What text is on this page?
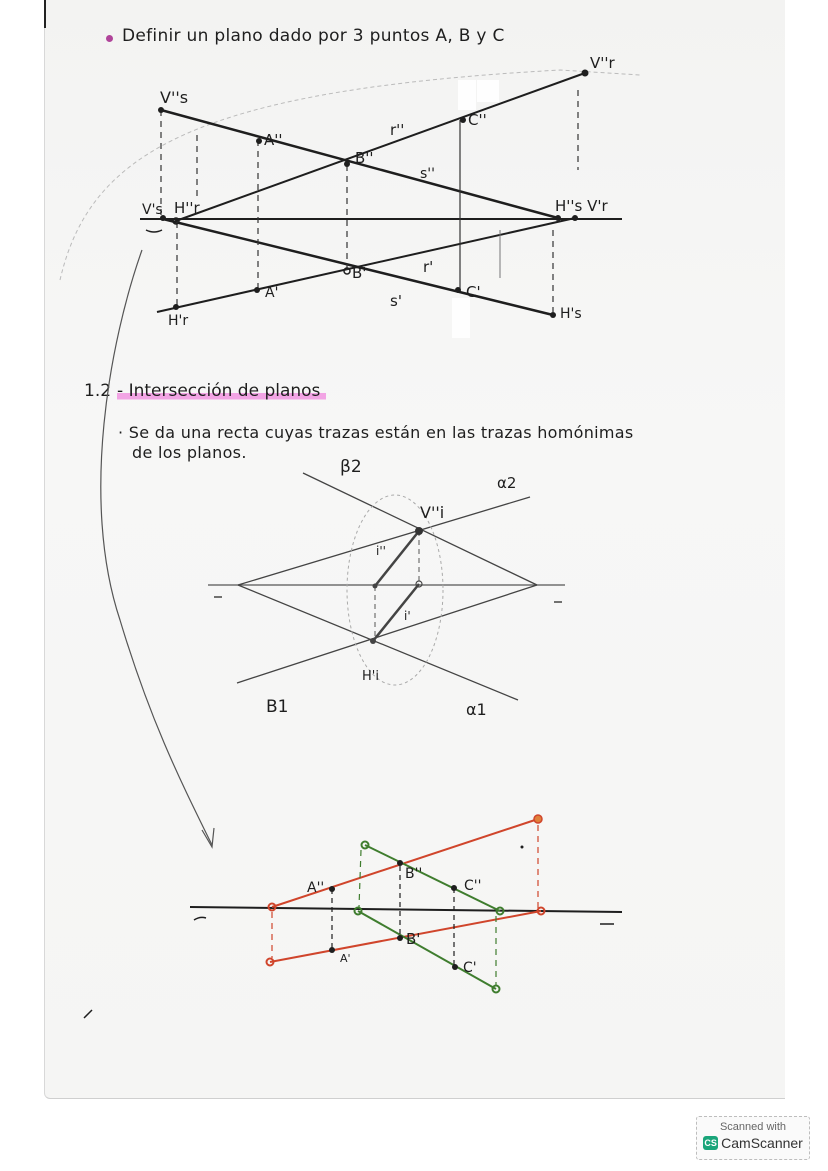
Definir un plano dado por 3 puntos A, B y C
V''s
A''
B''
r''
C''
s''
V''r
V's H''r	H''s V'r
A'
B'	r'
s'	C'
H's
H'r
1.2 - Intersección de planos
· Se da una recta cuyas trazas están en las trazas homónimas
de los planos.
β2
α2
V''i
i''
i'
H'i
B1	α1
A''
B''
C''
A'
B'
C'
Scanned with
CS CamScanner
